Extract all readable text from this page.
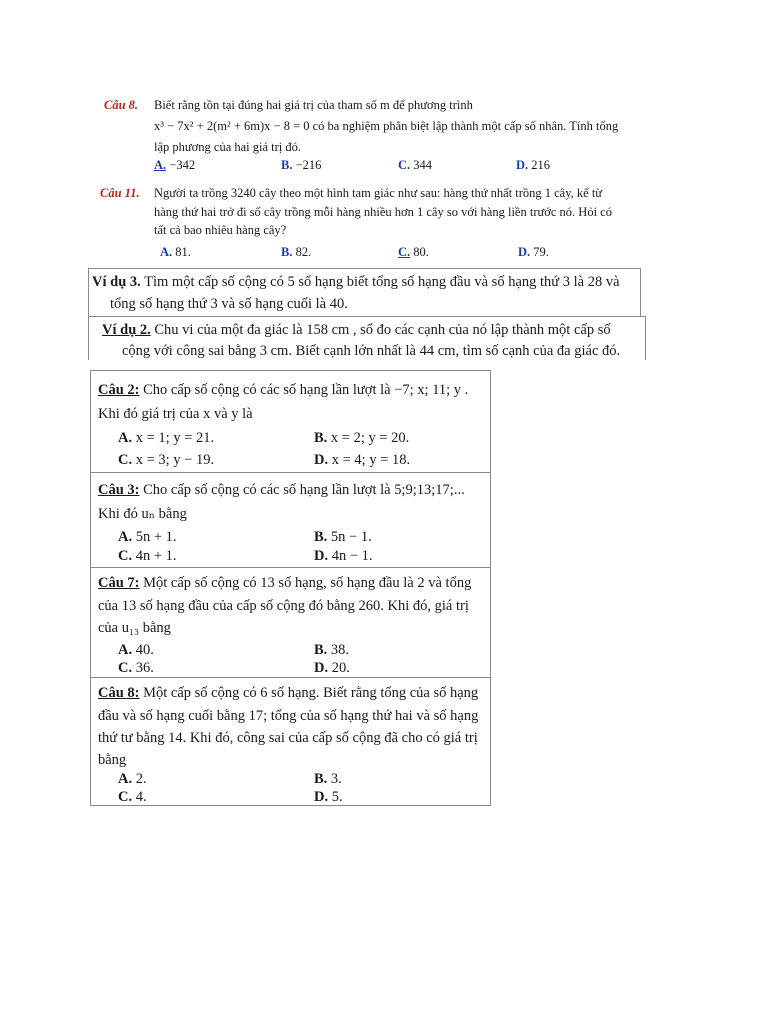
Câu 8. Biết rằng tồn tại đúng hai giá trị của tham số m để phương trình
x³ − 7x² + 2(m² + 6m)x − 8 = 0 có ba nghiệm phân biệt lập thành một cấp số nhân. Tính tổng
lập phương của hai giá trị đó.
A. −342	B. −216	C. 344	D. 216
Câu 11. Người ta trồng 3240 cây theo một hình tam giác như sau: hàng thứ nhất trồng 1 cây, kể từ
hàng thứ hai trở đi số cây trồng mỗi hàng nhiều hơn 1 cây so với hàng liền trước nó. Hỏi có
tất cả bao nhiêu hàng cây?
A. 81.	B. 82.	C. 80.	D. 79.
Ví dụ 3. Tìm một cấp số cộng có 5 số hạng biết tổng số hạng đầu và số hạng thứ 3 là 28 và
tổng số hạng thứ 3 và số hạng cuối là 40.
Ví dụ 2. Chu vi của một đa giác là 158 cm , số đo các cạnh của nó lập thành một cấp số
cộng với công sai bằng 3 cm. Biết cạnh lớn nhất là 44 cm, tìm số cạnh của đa giác đó.
Câu 2: Cho cấp số cộng có các số hạng lần lượt là −7; x; 11; y .
Khi đó giá trị của x và y là
A. x = 1; y = 21.	B. x = 2; y = 20.
C. x = 3; y − 19.	D. x = 4; y = 18.
Câu 3: Cho cấp số cộng có các số hạng lần lượt là 5;9;13;17;...
Khi đó uₙ bằng
A. 5n + 1.	B. 5n − 1.
C. 4n + 1.	D. 4n − 1.
Câu 7: Một cấp số cộng có 13 số hạng, số hạng đầu là 2 và tổng
của 13 số hạng đầu của cấp số cộng đó bằng 260. Khi đó, giá trị
của u₁₃ bằng
A. 40.	B. 38.
C. 36.	D. 20.
Câu 8: Một cấp số cộng có 6 số hạng. Biết rằng tổng của số hạng
đầu và số hạng cuối bằng 17; tổng của số hạng thứ hai và số hạng
thứ tư bằng 14. Khi đó, công sai của cấp số cộng đã cho có giá trị
bằng
A. 2.	B. 3.
C. 4.	D. 5.
